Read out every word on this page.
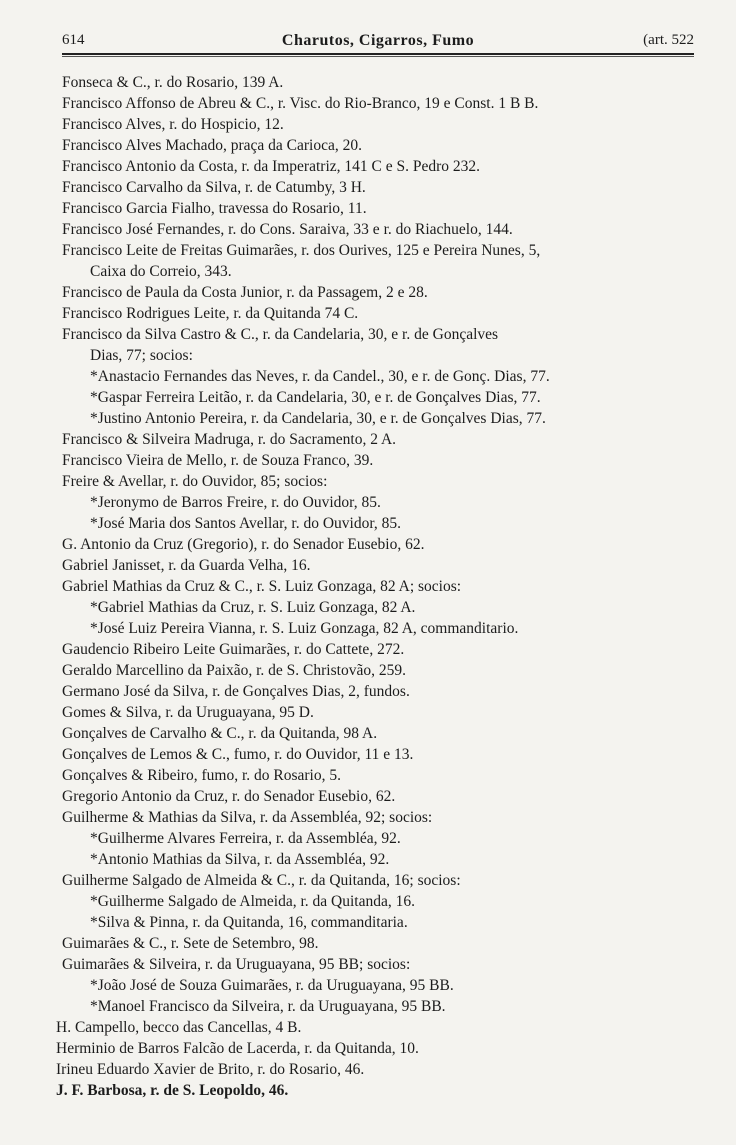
614	Charutos, Cigarros, Fumo	(art. 522
Fonseca & C., r. do Rosario, 139 A.
Francisco Affonso de Abreu & C., r. Visc. do Rio-Branco, 19 e Const. 1 B B.
Francisco Alves, r. do Hospicio, 12.
Francisco Alves Machado, praça da Carioca, 20.
Francisco Antonio da Costa, r. da Imperatriz, 141 C e S. Pedro 232.
Francisco Carvalho da Silva, r. de Catumby, 3 H.
Francisco Garcia Fialho, travessa do Rosario, 11.
Francisco José Fernandes, r. do Cons. Saraiva, 33 e r. do Riachuelo, 144.
Francisco Leite de Freitas Guimarães, r. dos Ourives, 125 e Pereira Nunes, 5,
Caixa do Correio, 343.
Francisco de Paula da Costa Junior, r. da Passagem, 2 e 28.
Francisco Rodrigues Leite, r. da Quitanda 74 C.
Francisco da Silva Castro & C., r. da Candelaria, 30, e r. de Gonçalves
Dias, 77; socios:
*Anastacio Fernandes das Neves, r. da Candel., 30, e r. de Gonç. Dias, 77.
*Gaspar Ferreira Leitão, r. da Candelaria, 30, e r. de Gonçalves Dias, 77.
*Justino Antonio Pereira, r. da Candelaria, 30, e r. de Gonçalves Dias, 77.
Francisco & Silveira Madruga, r. do Sacramento, 2 A.
Francisco Vieira de Mello, r. de Souza Franco, 39.
Freire & Avellar, r. do Ouvidor, 85; socios:
*Jeronymo de Barros Freire, r. do Ouvidor, 85.
*José Maria dos Santos Avellar, r. do Ouvidor, 85.
G. Antonio da Cruz (Gregorio), r. do Senador Eusebio, 62.
Gabriel Janisset, r. da Guarda Velha, 16.
Gabriel Mathias da Cruz & C., r. S. Luiz Gonzaga, 82 A; socios:
*Gabriel Mathias da Cruz, r. S. Luiz Gonzaga, 82 A.
*José Luiz Pereira Vianna, r. S. Luiz Gonzaga, 82 A, commanditario.
Gaudencio Ribeiro Leite Guimarães, r. do Cattete, 272.
Geraldo Marcellino da Paixão, r. de S. Christovão, 259.
Germano José da Silva, r. de Gonçalves Dias, 2, fundos.
Gomes & Silva, r. da Uruguayana, 95 D.
Gonçalves de Carvalho & C., r. da Quitanda, 98 A.
Gonçalves de Lemos & C., fumo, r. do Ouvidor, 11 e 13.
Gonçalves & Ribeiro, fumo, r. do Rosario, 5.
Gregorio Antonio da Cruz, r. do Senador Eusebio, 62.
Guilherme & Mathias da Silva, r. da Assembléa, 92; socios:
*Guilherme Alvares Ferreira, r. da Assembléa, 92.
*Antonio Mathias da Silva, r. da Assembléa, 92.
Guilherme Salgado de Almeida & C., r. da Quitanda, 16; socios:
*Guilherme Salgado de Almeida, r. da Quitanda, 16.
*Silva & Pinna, r. da Quitanda, 16, commanditaria.
Guimarães & C., r. Sete de Setembro, 98.
Guimarães & Silveira, r. da Uruguayana, 95 BB; socios:
*João José de Souza Guimarães, r. da Uruguayana, 95 BB.
*Manoel Francisco da Silveira, r. da Uruguayana, 95 BB.
H. Campello, becco das Cancellas, 4 B.
Herminio de Barros Falcão de Lacerda, r. da Quitanda, 10.
Irineu Eduardo Xavier de Brito, r. do Rosario, 46.
J. F. Barbosa, r. de S. Leopoldo, 46.
